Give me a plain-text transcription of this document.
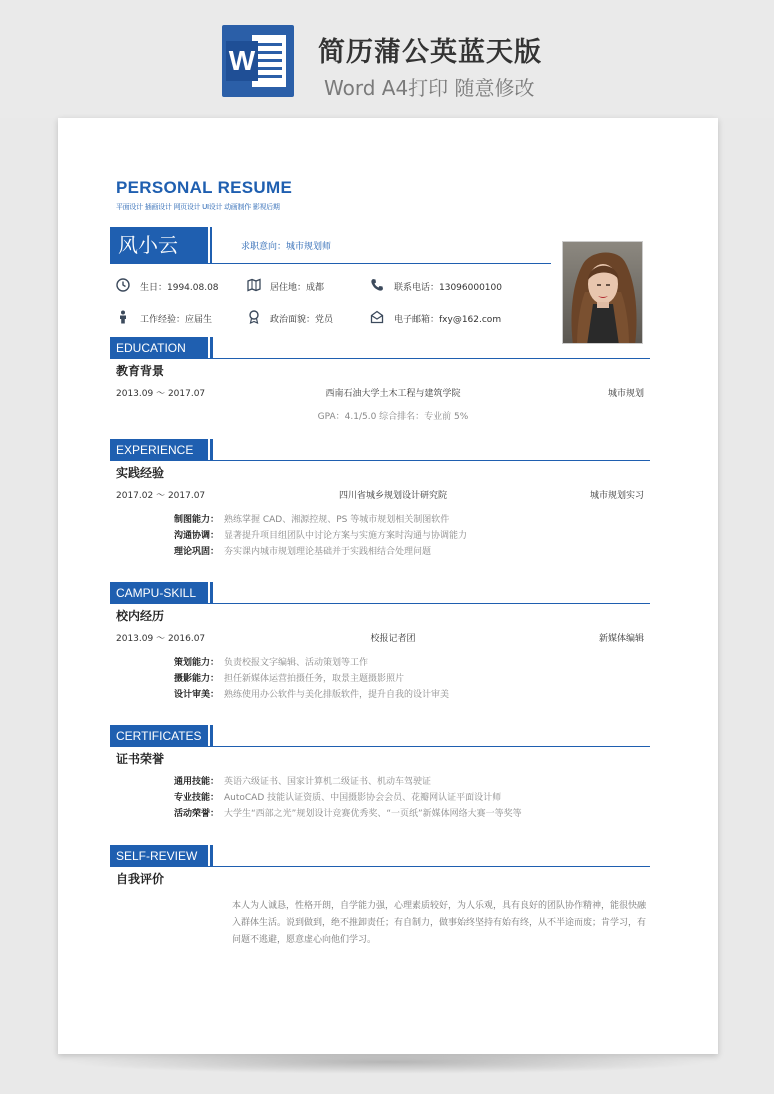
W 简历蒲公英蓝天版
Word A4打印 随意修改
PERSONAL RESUME
平面设计 插画设计 网页设计 UI设计 动画制作 影视后期
风小云	求职意向：城市规划师
生日：1994.08.08	居住地：成都	联系电话：13096000100
工作经验：应届生	政治面貌：党员	电子邮箱：fxy@162.com
EDUCATION
教育背景
2013.09 ～ 2017.07	西南石油大学土木工程与建筑学院	城市规划
GPA：4.1/5.0 综合排名：专业前 5%
EXPERIENCE
实践经验
2017.02 ～ 2017.07	四川省城乡规划设计研究院	城市规划实习
制图能力： 熟练掌握 CAD、湘源控规、PS 等城市规划相关制图软件
沟通协调： 显著提升项目组团队中讨论方案与实施方案时沟通与协调能力
理论巩固： 夯实课内城市规划理论基础并于实践相结合处理问题
CAMPU-SKILL
校内经历
2013.09 ～ 2016.07	校报记者团	新媒体编辑
策划能力： 负责校报文字编辑、活动策划等工作
摄影能力： 担任新媒体运营拍摄任务，取景主题摄影照片
设计审美： 熟练使用办公软件与美化排版软件，提升自我的设计审美
CERTIFICATES
证书荣誉
通用技能： 英语六级证书、国家计算机二级证书、机动车驾驶证
专业技能： AutoCAD 技能认证资质、中国摄影协会会员、花瓣网认证平面设计师
活动荣誉： 大学生“西部之光”规划设计竞赛优秀奖、“一页纸”新媒体网络大赛一等奖等
SELF-REVIEW
自我评价
本人为人诚恳，性格开朗，自学能力强，心理素质较好，为人乐观，具有良好的团队协作精神，能很快融入群体生活。说到做到，绝不推卸责任；有自制力，做事始终坚持有始有终，从不半途而废；肯学习，有问题不逃避，愿意虚心向他们学习。
